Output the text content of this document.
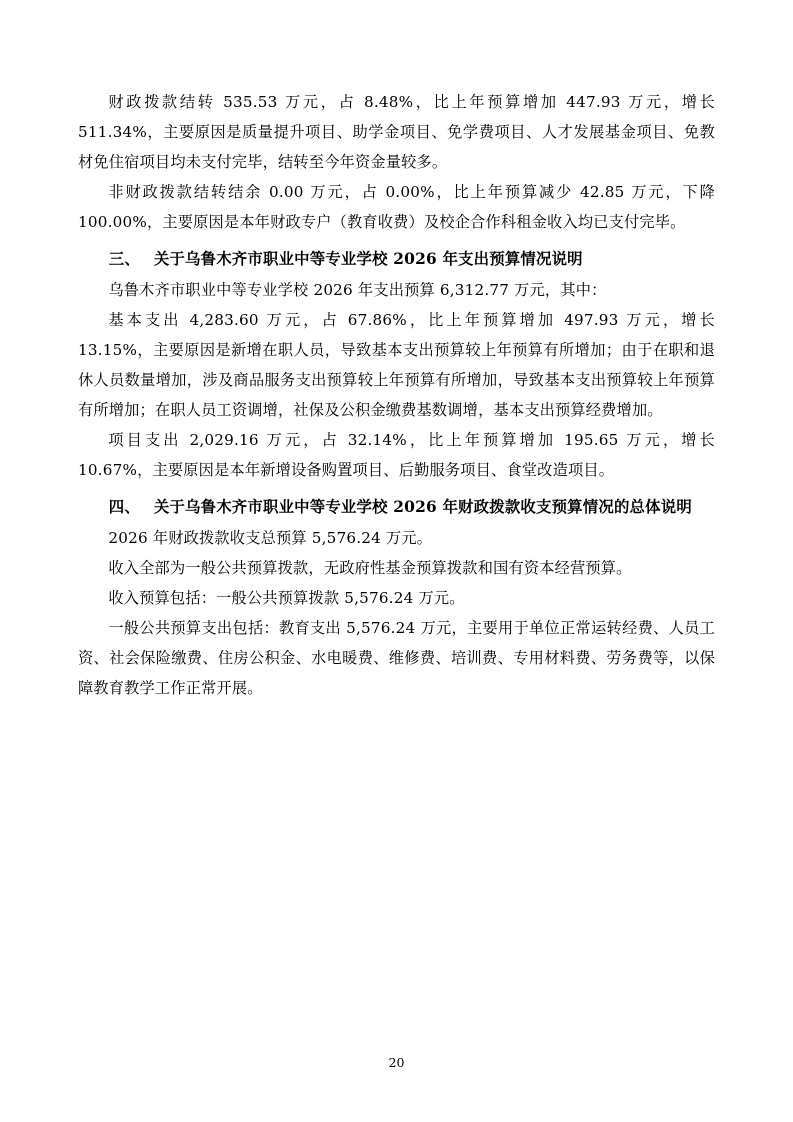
财政拨款结转 535.53 万元，占 8.48%，比上年预算增加 447.93 万元，增长 511.34%，主要原因是质量提升项目、助学金项目、免学费项目、人才发展基金项目、免教材免住宿项目均未支付完毕，结转至今年资金量较多。

非财政拨款结转结余 0.00 万元，占 0.00%，比上年预算减少 42.85 万元，下降 100.00%，主要原因是本年财政专户（教育收费）及校企合作科租金收入均已支付完毕。

三、 关于乌鲁木齐市职业中等专业学校 2026 年支出预算情况说明

乌鲁木齐市职业中等专业学校 2026 年支出预算 6,312.77 万元，其中：

基本支出 4,283.60 万元，占 67.86%，比上年预算增加 497.93 万元，增长 13.15%，主要原因是新增在职人员，导致基本支出预算较上年预算有所增加；由于在职和退休人员数量增加，涉及商品服务支出预算较上年预算有所增加，导致基本支出预算较上年预算有所增加；在职人员工资调增，社保及公积金缴费基数调增，基本支出预算经费增加。

项目支出 2,029.16 万元，占 32.14%，比上年预算增加 195.65 万元，增长 10.67%，主要原因是本年新增设备购置项目、后勤服务项目、食堂改造项目。

四、 关于乌鲁木齐市职业中等专业学校 2026 年财政拨款收支预算情况的总体说明

2026 年财政拨款收支总预算 5,576.24 万元。

收入全部为一般公共预算拨款，无政府性基金预算拨款和国有资本经营预算。

收入预算包括：一般公共预算拨款 5,576.24 万元。

一般公共预算支出包括：教育支出 5,576.24 万元，主要用于单位正常运转经费、人员工资、社会保险缴费、住房公积金、水电暖费、维修费、培训费、专用材料费、劳务费等，以保障教育教学工作正常开展。

20
